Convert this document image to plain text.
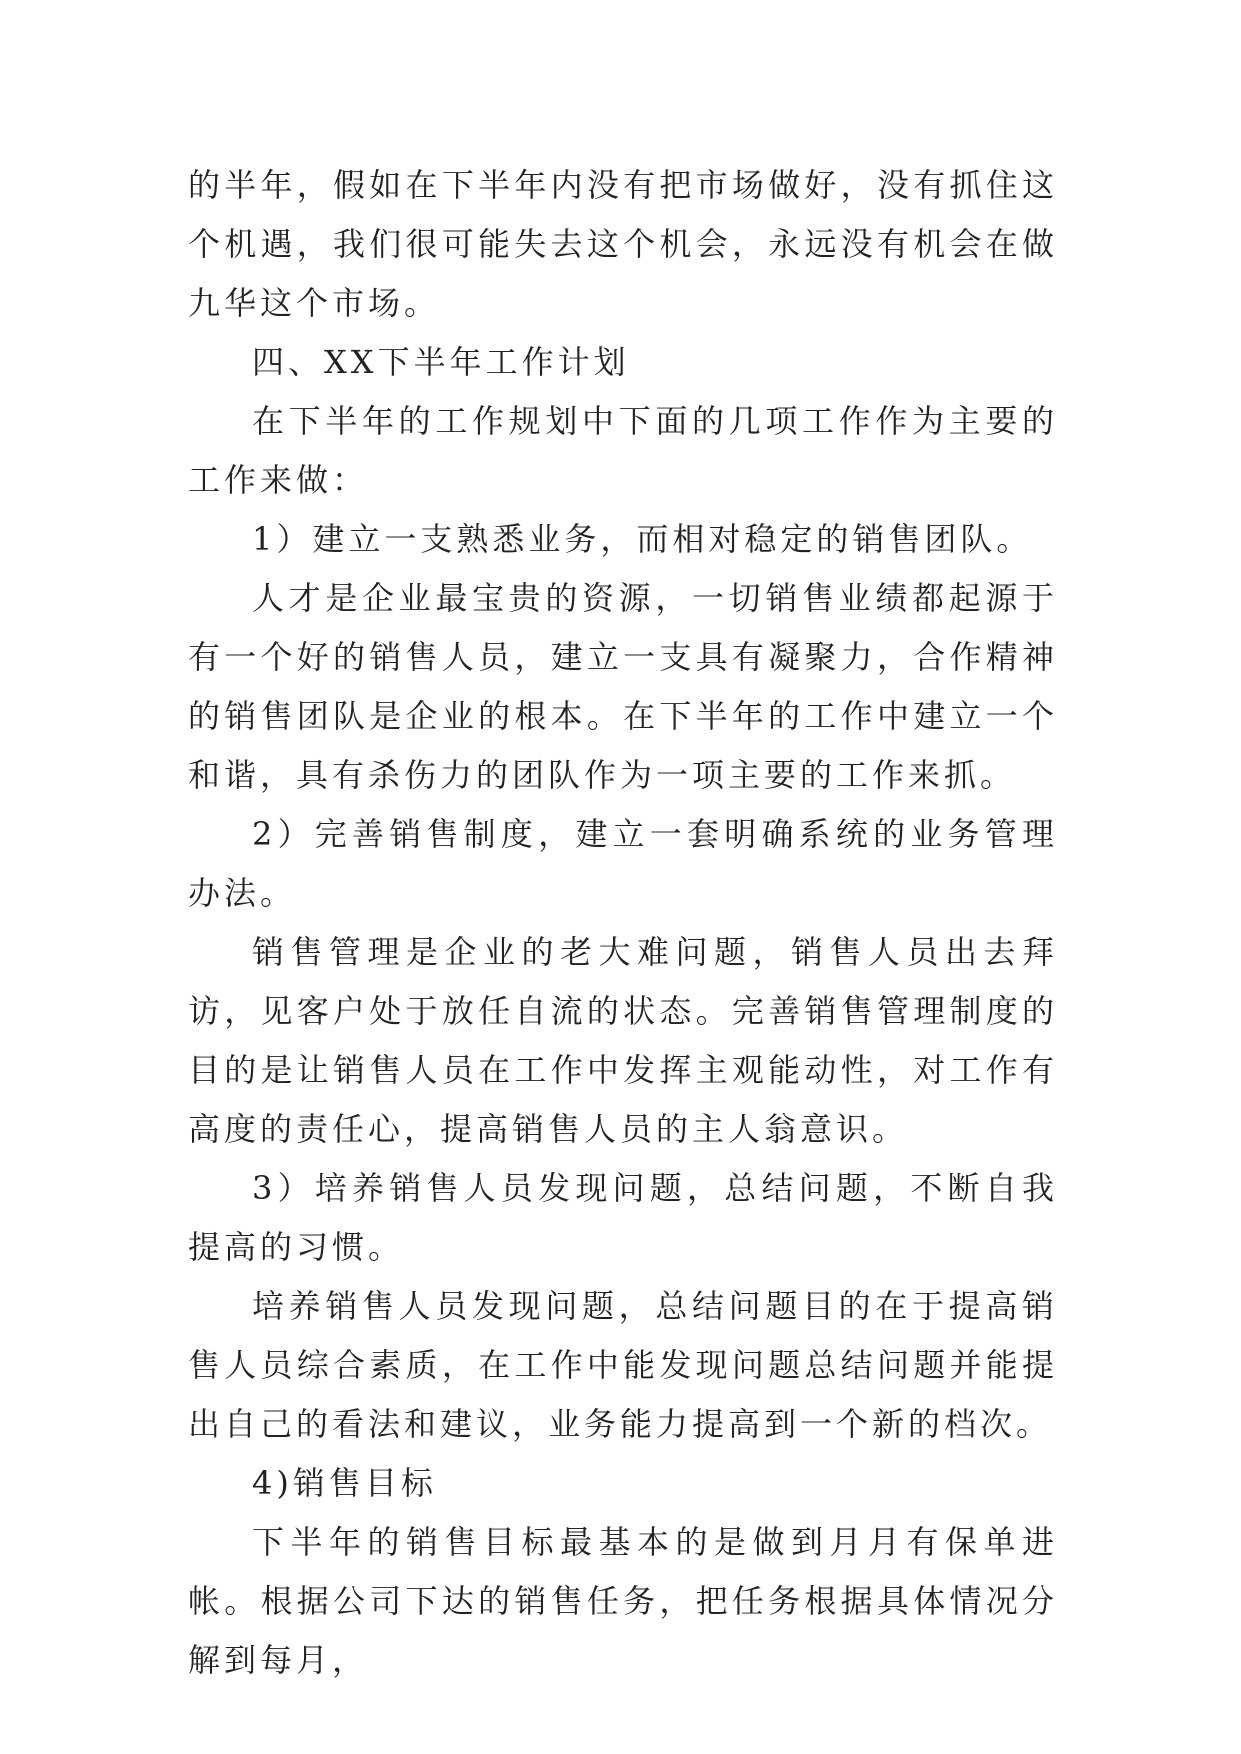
的半年，假如在下半年内没有把市场做好，没有抓住这个机遇，我们很可能失去这个机会，永远没有机会在做九华这个市场。

四、XX下半年工作计划

在下半年的工作规划中下面的几项工作作为主要的工作来做：

1）建立一支熟悉业务，而相对稳定的销售团队。

人才是企业最宝贵的资源，一切销售业绩都起源于有一个好的销售人员，建立一支具有凝聚力，合作精神的销售团队是企业的根本。在下半年的工作中建立一个和谐，具有杀伤力的团队作为一项主要的工作来抓。

2）完善销售制度，建立一套明确系统的业务管理办法。

销售管理是企业的老大难问题，销售人员出去拜访，见客户处于放任自流的状态。完善销售管理制度的目的是让销售人员在工作中发挥主观能动性，对工作有高度的责任心，提高销售人员的主人翁意识。

3）培养销售人员发现问题，总结问题，不断自我提高的习惯。

培养销售人员发现问题，总结问题目的在于提高销售人员综合素质，在工作中能发现问题总结问题并能提出自己的看法和建议，业务能力提高到一个新的档次。

4)销售目标

下半年的销售目标最基本的是做到月月有保单进帐。根据公司下达的销售任务，把任务根据具体情况分解到每月，
